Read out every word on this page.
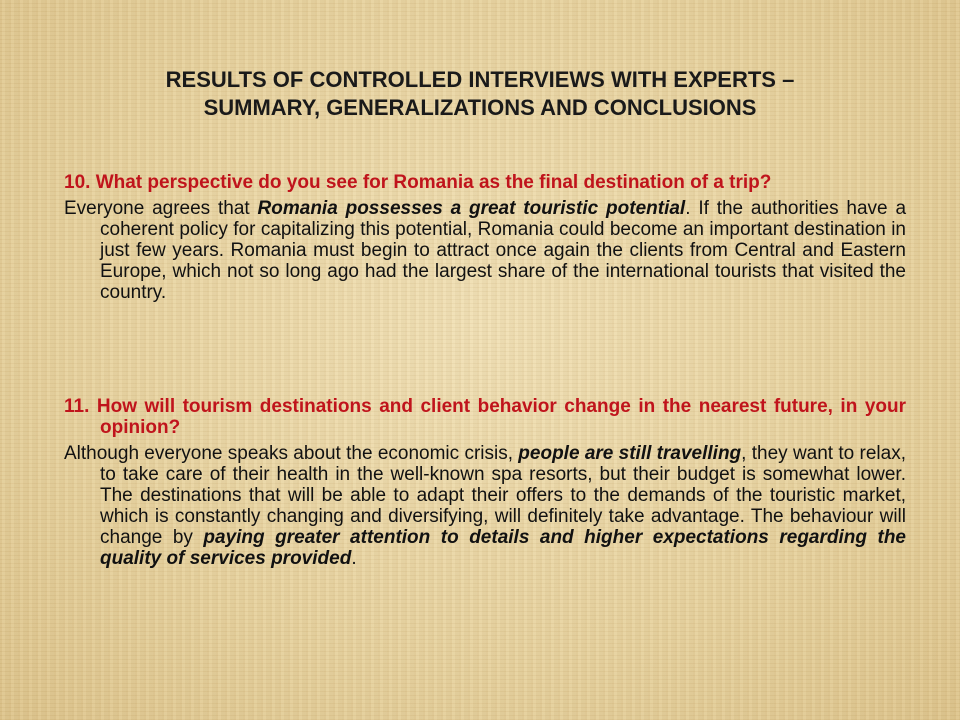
RESULTS OF CONTROLLED INTERVIEWS WITH EXPERTS –
SUMMARY, GENERALIZATIONS AND CONCLUSIONS
10. What perspective do you see for Romania as the final destination of a trip?
Everyone agrees that Romania possesses a great touristic potential. If the authorities have a coherent policy for capitalizing this potential, Romania could become an important destination in just few years. Romania must begin to attract once again the clients from Central and Eastern Europe, which not so long ago had the largest share of the international tourists that visited the country.
11. How will tourism destinations and client behavior change in the nearest future, in your opinion?
Although everyone speaks about the economic crisis, people are still travelling, they want to relax, to take care of their health in the well-known spa resorts, but their budget is somewhat lower. The destinations that will be able to adapt their offers to the demands of the touristic market, which is constantly changing and diversifying, will definitely take advantage. The behaviour will change by paying greater attention to details and higher expectations regarding the quality of services provided.
